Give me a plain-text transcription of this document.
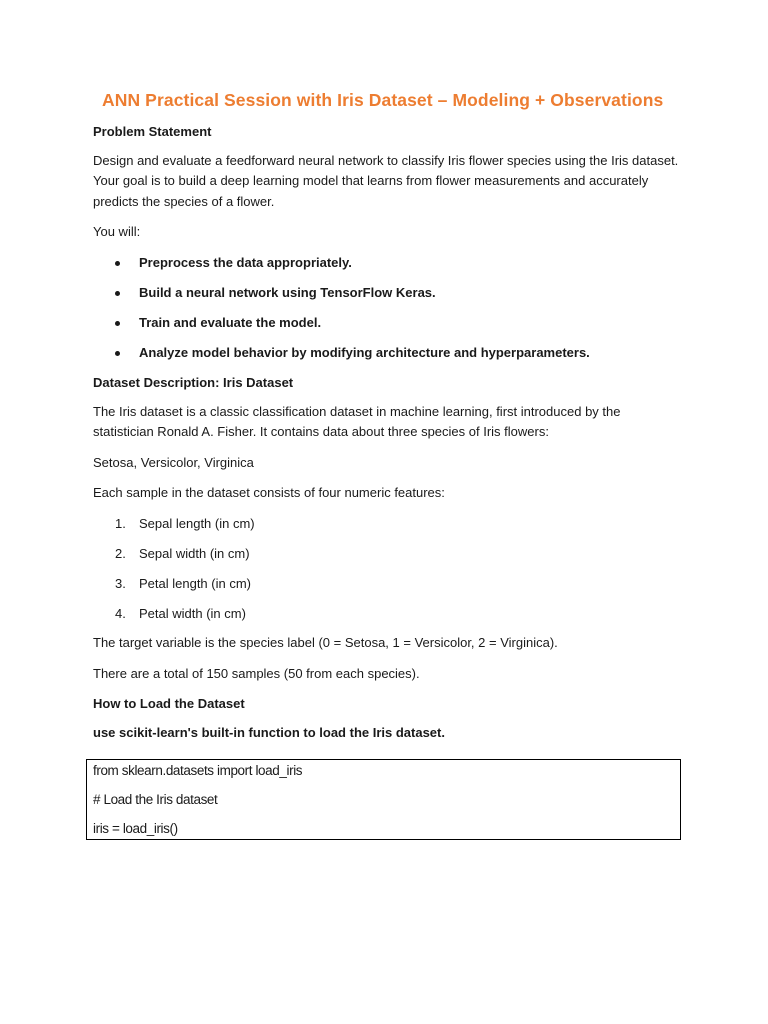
ANN Practical Session with Iris Dataset – Modeling + Observations
Problem Statement

Design and evaluate a feedforward neural network to classify Iris flower species using the Iris dataset. Your goal is to build a deep learning model that learns from flower measurements and accurately predicts the species of a flower.

You will:

Preprocess the data appropriately.
Build a neural network using TensorFlow Keras.
Train and evaluate the model.
Analyze model behavior by modifying architecture and hyperparameters.
Dataset Description: Iris Dataset

The Iris dataset is a classic classification dataset in machine learning, first introduced by the statistician Ronald A. Fisher. It contains data about three species of Iris flowers:

Setosa, Versicolor, Virginica

Each sample in the dataset consists of four numeric features:

1. Sepal length (in cm)
2. Sepal width (in cm)
3. Petal length (in cm)
4. Petal width (in cm)

The target variable is the species label (0 = Setosa, 1 = Versicolor, 2 = Virginica).

There are a total of 150 samples (50 from each species).

How to Load the Dataset
use scikit-learn's built-in function to load the Iris dataset.
from sklearn.datasets import load_iris
# Load the Iris dataset
iris = load_iris()
